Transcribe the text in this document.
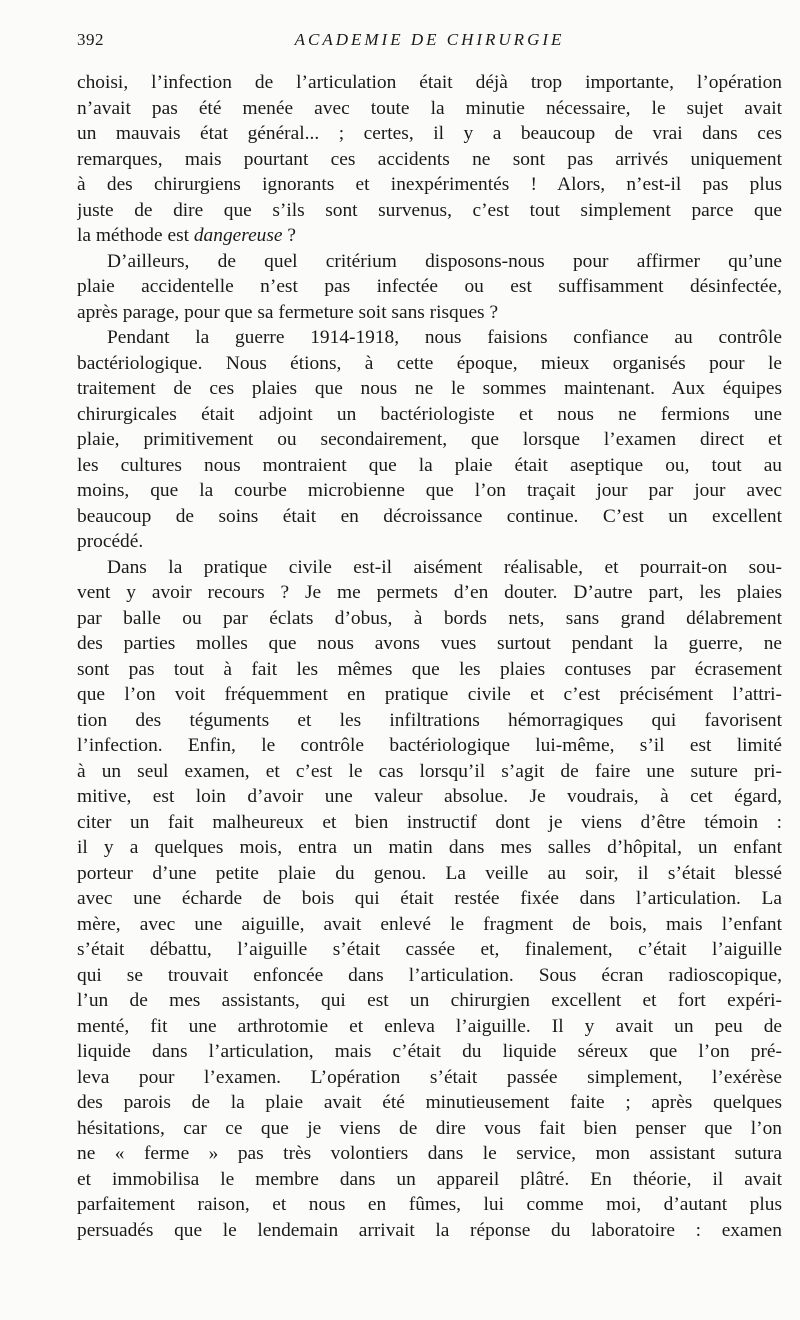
392	ACADEMIE DE CHIRURGIE
choisi, l’infection de l’articulation était déjà trop importante, l’opération
n’avait pas été menée avec toute la minutie nécessaire, le sujet avait
un mauvais état général... ; certes, il y a beaucoup de vrai dans ces
remarques, mais pourtant ces accidents ne sont pas arrivés uniquement
à des chirurgiens ignorants et inexpérimentés ! Alors, n’est-il pas plus
juste de dire que s’ils sont survenus, c’est tout simplement parce que
la méthode est dangereuse ?
D’ailleurs, de quel critérium disposons-nous pour affirmer qu’une
plaie accidentelle n’est pas infectée ou est suffisamment désinfectée,
après parage, pour que sa fermeture soit sans risques ?
Pendant la guerre 1914-1918, nous faisions confiance au contrôle
bactériologique. Nous étions, à cette époque, mieux organisés pour le
traitement de ces plaies que nous ne le sommes maintenant. Aux équipes
chirurgicales était adjoint un bactériologiste et nous ne fermions une
plaie, primitivement ou secondairement, que lorsque l’examen direct et
les cultures nous montraient que la plaie était aseptique ou, tout au
moins, que la courbe microbienne que l’on traçait jour par jour avec
beaucoup de soins était en décroissance continue. C’est un excellent
procédé.
Dans la pratique civile est-il aisément réalisable, et pourrait-on sou-
vent y avoir recours ? Je me permets d’en douter. D’autre part, les plaies
par balle ou par éclats d’obus, à bords nets, sans grand délabrement
des parties molles que nous avons vues surtout pendant la guerre, ne
sont pas tout à fait les mêmes que les plaies contuses par écrasement
que l’on voit fréquemment en pratique civile et c’est précisément l’attri-
tion des téguments et les infiltrations hémorragiques qui favorisent
l’infection. Enfin, le contrôle bactériologique lui-même, s’il est limité
à un seul examen, et c’est le cas lorsqu’il s’agit de faire une suture pri-
mitive, est loin d’avoir une valeur absolue. Je voudrais, à cet égard,
citer un fait malheureux et bien instructif dont je viens d’être témoin :
il y a quelques mois, entra un matin dans mes salles d’hôpital, un enfant
porteur d’une petite plaie du genou. La veille au soir, il s’était blessé
avec une écharde de bois qui était restée fixée dans l’articulation. La
mère, avec une aiguille, avait enlevé le fragment de bois, mais l’enfant
s’était débattu, l’aiguille s’était cassée et, finalement, c’était l’aiguille
qui se trouvait enfoncée dans l’articulation. Sous écran radioscopique,
l’un de mes assistants, qui est un chirurgien excellent et fort expéri-
menté, fit une arthrotomie et enleva l’aiguille. Il y avait un peu de
liquide dans l’articulation, mais c’était du liquide séreux que l’on pré-
leva pour l’examen. L’opération s’était passée simplement, l’exérèse
des parois de la plaie avait été minutieusement faite ; après quelques
hésitations, car ce que je viens de dire vous fait bien penser que l’on
ne « ferme » pas très volontiers dans le service, mon assistant sutura
et immobilisa le membre dans un appareil plâtré. En théorie, il avait
parfaitement raison, et nous en fûmes, lui comme moi, d’autant plus
persuadés que le lendemain arrivait la réponse du laboratoire : examen
